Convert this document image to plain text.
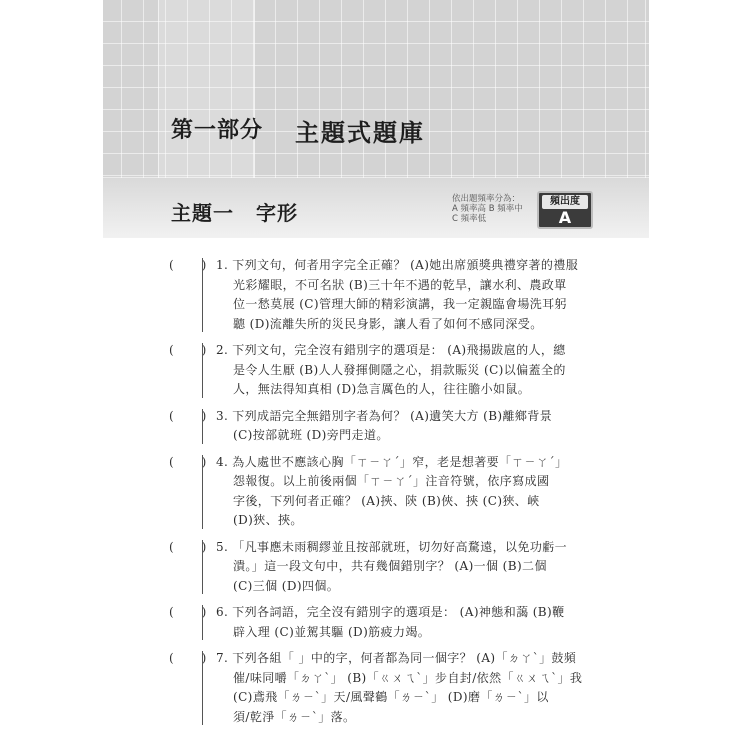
第一部分 主題式題庫
主題一 字形
依出題頻率分為：
A 頻率高 B 頻率中
C 頻率低
頻出度
A
(　) 1. 下列文句，何者用字完全正確？ (A)她出席頒獎典禮穿著的禮服

光彩耀眼，不可名狀 (B)三十年不遇的乾旱，讓水利、農政單

位一愁莫展 (C)管理大師的精彩演講，我一定親臨會場洗耳躬

聽 (D)流離失所的災民身影，讓人看了如何不感同深受。

(　) 2. 下列文句，完全沒有錯別字的選項是： (A)飛揚跋扈的人，總

是令人生厭 (B)人人發揮側隱之心，捐款賑災 (C)以偏蓋全的

人，無法得知真相 (D)急言厲色的人，往往膽小如鼠。

(　) 3. 下列成語完全無錯別字者為何？ (A)遺笑大方 (B)離鄉背景

(C)按部就班 (D)旁門走道。

(　) 4. 為人處世不應該心胸「ㄒㄧㄚˊ」窄，老是想著要「ㄒㄧㄚˊ」

怨報復。以上前後兩個「ㄒㄧㄚˊ」注音符號，依序寫成國

字後，下列何者正確？ (A)挾、陝 (B)俠、挾 (C)狹、峽

(D)狹、挾。

(　) 5. 「凡事應未雨稠繆並且按部就班，切勿好高騖遠，以免功虧一

潰。」這一段文句中，共有幾個錯別字？ (A)一個 (B)二個

(C)三個 (D)四個。

(　) 6. 下列各詞語，完全沒有錯別字的選項是： (A)神態和藹 (B)鞭

辟入理 (C)並駕其驅 (D)筋疲力竭。

(　) 7. 下列各組「 」中的字，何者都為同一個字？ (A)「ㄉㄚˋ」鼓頻

催/味同嚼「ㄉㄚˋ」 (B)「ㄍㄨㄟˋ」步自封/依然「ㄍㄨㄟˋ」我

(C)鳶飛「ㄌㄧˋ」天/風聲鶴「ㄌㄧˋ」 (D)磨「ㄌㄧˋ」以

須/乾淨「ㄌㄧˋ」落。
